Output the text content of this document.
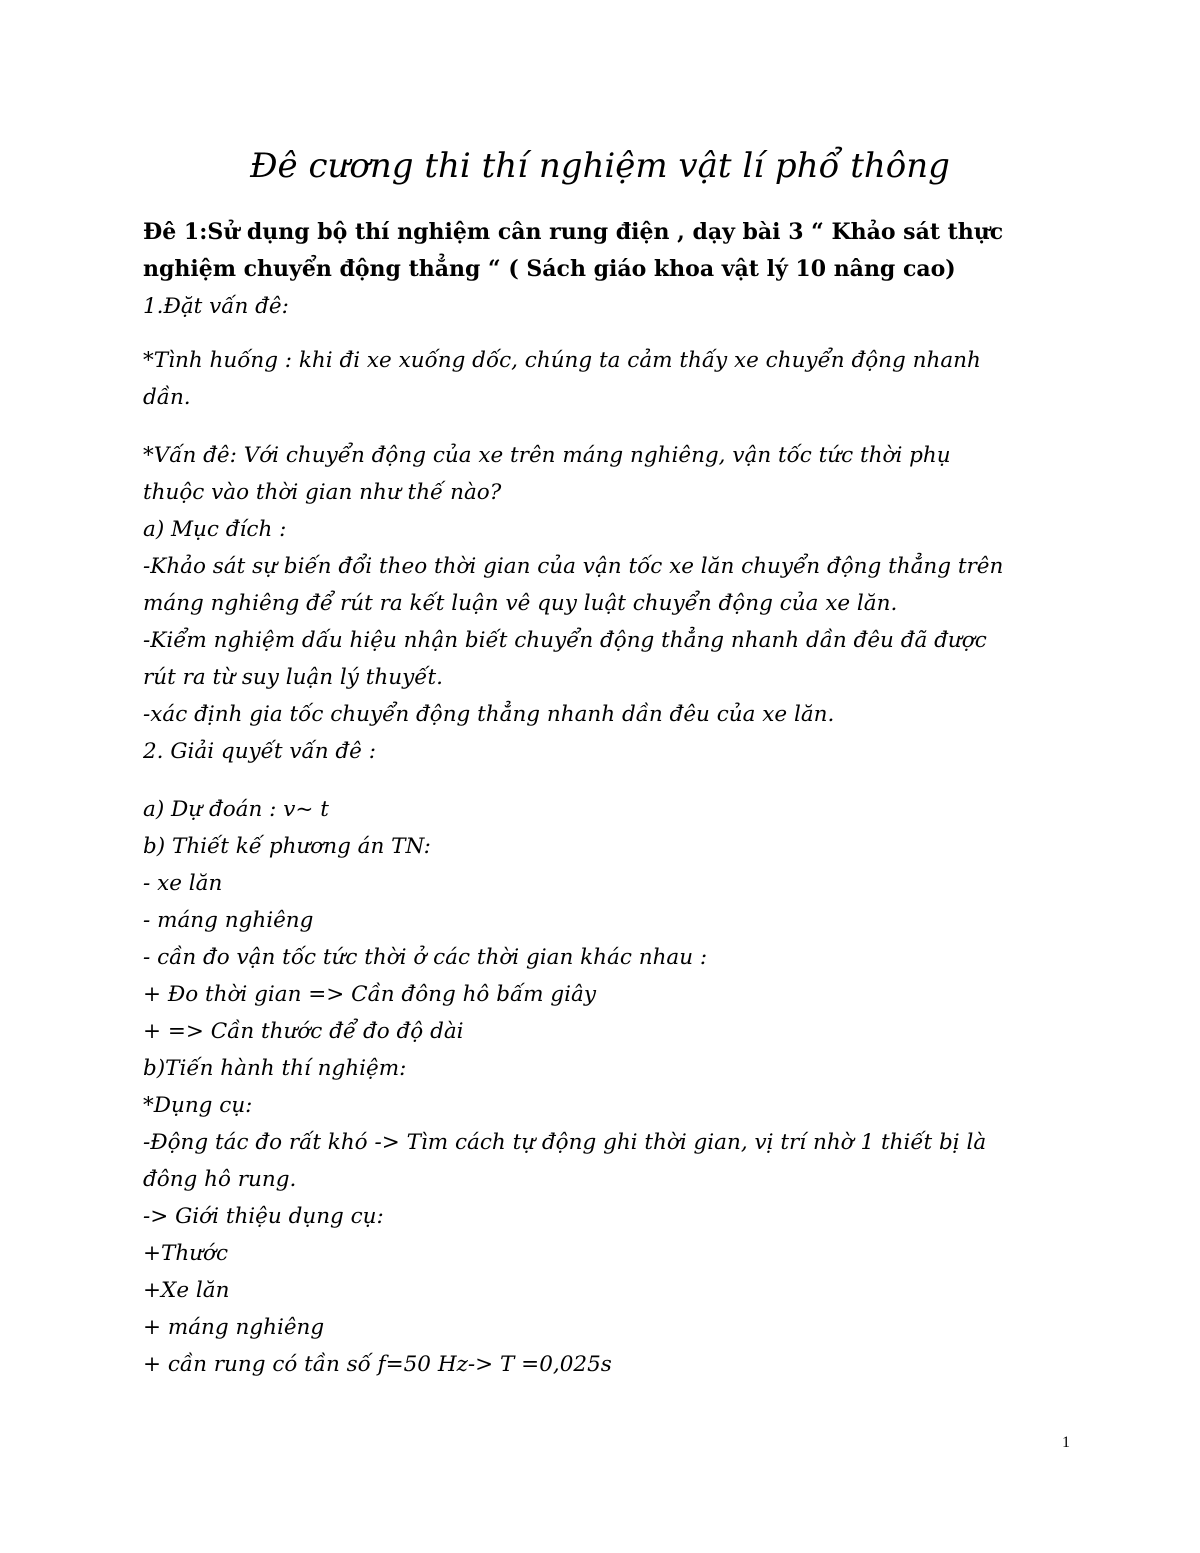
Đê cương thi thí nghiệm vật lí phổ thông
Đê 1:Sử dụng bộ thí nghiệm cân rung điện , dạy bài 3 “ Khảo sát thực
nghiệm chuyển động thẳng “ ( Sách giáo khoa vật lý 10 nâng cao)
1.Đặt vấn đê:
*Tình huống : khi đi xe xuống dốc, chúng ta cảm thấy xe chuyển động nhanh
dần.
*Vấn đê: Với chuyển động của xe trên máng nghiêng, vận tốc tức thời phụ
thuộc vào thời gian như thế nào?
a) Mục đích :
-Khảo sát sự biến đổi theo thời gian của vận tốc xe lăn chuyển động thẳng trên
máng nghiêng để rút ra kết luận vê quy luật chuyển động của xe lăn.
-Kiểm nghiệm dấu hiệu nhận biết chuyển động thẳng nhanh dần đêu đã được
rút ra từ suy luận lý thuyết.
-xác định gia tốc chuyển động thẳng nhanh dần đêu của xe lăn.
2. Giải quyết vấn đê :
a) Dự đoán : v~ t
b) Thiết kế phương án TN:
- xe lăn
- máng nghiêng
- cần đo vận tốc tức thời ở các thời gian khác nhau :
+ Đo thời gian => Cần đông hô bấm giây
+ => Cần thước để đo độ dài
b)Tiến hành thí nghiệm:
*Dụng cụ:
-Động tác đo rất khó -> Tìm cách tự động ghi thời gian, vị trí nhờ 1 thiết bị là
đông hô rung.
-> Giới thiệu dụng cụ:
+Thước
+Xe lăn
+ máng nghiêng
+ cần rung có tần số f=50 Hz-> T =0,025s
1
